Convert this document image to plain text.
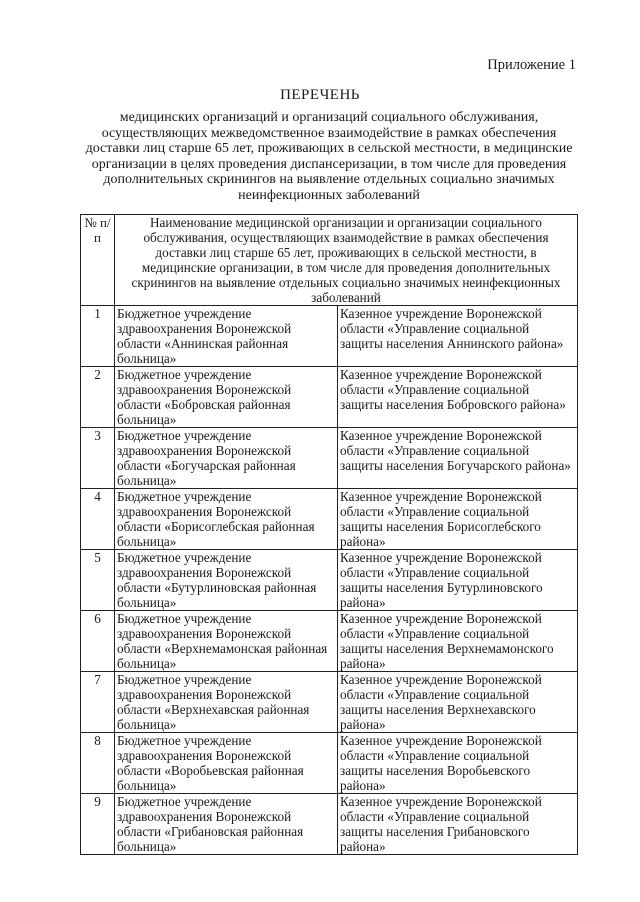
Приложение 1
ПЕРЕЧЕНЬ
медицинских организаций и организаций социального обслуживания, осуществляющих межведомственное взаимодействие в рамках обеспечения доставки лиц старше 65 лет, проживающих в сельской местности, в медицинские организации в целях проведения диспансеризации, в том числе для проведения дополнительных скринингов на выявление отдельных социально значимых неинфекционных заболеваний
№ п/п	Наименование медицинской организации и организации социального обслуживания, осуществляющих взаимодействие в рамках обеспечения доставки лиц старше 65 лет, проживающих в сельской местности, в медицинские организации, в том числе для проведения дополнительных скринингов на выявление отдельных социально значимых неинфекционных заболеваний	
1	Бюджетное учреждение здравоохранения Воронежской области «Аннинская районная больница»	Казенное учреждение Воронежской области «Управление социальной защиты населения Аннинского района»
2	Бюджетное учреждение здравоохранения Воронежской области «Бобровская районная больница»	Казенное учреждение Воронежской области «Управление социальной защиты населения Бобровского района»
3	Бюджетное учреждение здравоохранения Воронежской области «Богучарская районная больница»	Казенное учреждение Воронежской области «Управление социальной защиты населения Богучарского района»
4	Бюджетное учреждение здравоохранения Воронежской области «Борисоглебская районная больница»	Казенное учреждение Воронежской области «Управление социальной защиты населения Борисоглебского района»
5	Бюджетное учреждение здравоохранения Воронежской области «Бутурлиновская районная больница»	Казенное учреждение Воронежской области «Управление социальной защиты населения Бутурлиновского района»
6	Бюджетное учреждение здравоохранения Воронежской области «Верхнемамонская районная больница»	Казенное учреждение Воронежской области «Управление социальной защиты населения Верхнемамонского района»
7	Бюджетное учреждение здравоохранения Воронежской области «Верхнехавская районная больница»	Казенное учреждение Воронежской области «Управление социальной защиты населения Верхнехавского района»
8	Бюджетное учреждение здравоохранения Воронежской области «Воробьевская районная больница»	Казенное учреждение Воронежской области «Управление социальной защиты населения Воробьевского района»
9	Бюджетное учреждение здравоохранения Воронежской области «Грибановская районная больница»	Казенное учреждение Воронежской области «Управление социальной защиты населения Грибановского района»
